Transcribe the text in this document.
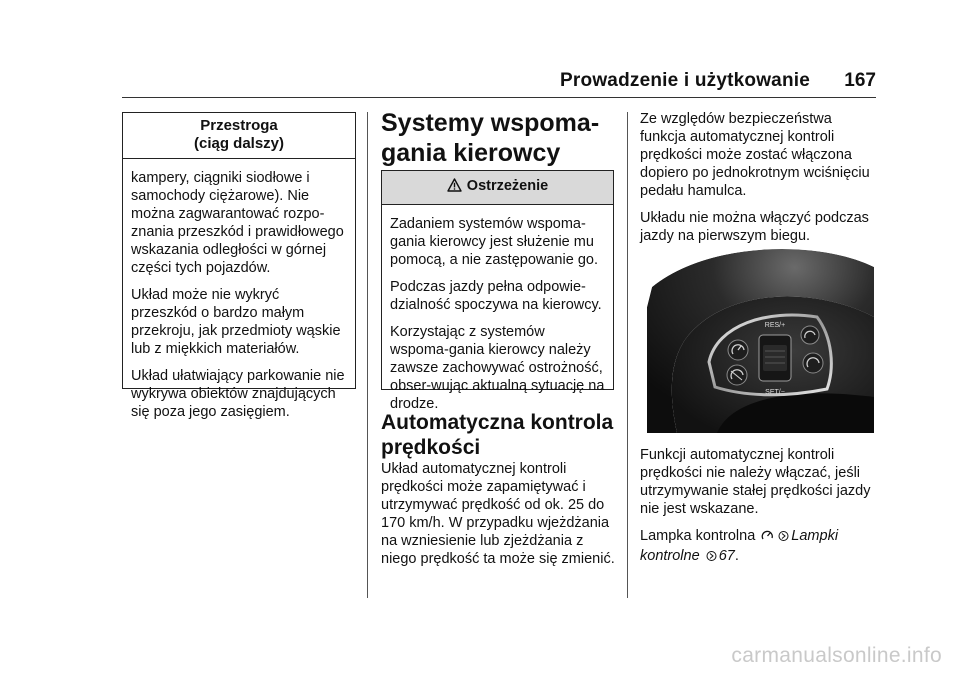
Prowadzenie i użytkowanie 167
Przestroga
(ciąg dalszy)

kampery, ciągniki siodłowe i samochody ciężarowe). Nie można zagwarantować rozpo-znania przeszkód i prawidłowego wskazania odległości w górnej części tych pojazdów.

Układ może nie wykryć przeszkód o bardzo małym przekroju, jak przedmioty wąskie lub z miękkich materiałów.

Układ ułatwiający parkowanie nie wykrywa obiektów znajdujących się poza jego zasięgiem.

Systemy wspoma-
gania kierowcy
Ostrzeżenie

Zadaniem systemów wspoma-gania kierowcy jest służenie mu pomocą, a nie zastępowanie go.

Podczas jazdy pełna odpowie-dzialność spoczywa na kierowcy.

Korzystając z systemów wspoma-gania kierowcy należy zawsze zachowywać ostrożność, obser-wując aktualną sytuację na drodze.

Automatyczna kontrola
prędkości

Układ automatycznej kontroli prędkości może zapamiętywać i utrzymywać prędkość od ok. 25 do 170 km/h. W przypadku wjeżdżania na wzniesienie lub zjeżdżania z niego prędkość ta może się zmienić.

Ze względów bezpieczeństwa funkcja automatycznej kontroli prędkości może zostać włączona dopiero po jednokrotnym wciśnięciu pedału hamulca.

Układu nie można włączyć podczas jazdy na pierwszym biegu.

RES/+
SET/−

Funkcji automatycznej kontroli prędkości nie należy włączać, jeśli utrzymywanie stałej prędkości jazdy nie jest wskazane.

Lampka kontrolna Lampki
kontrolne 67.
carmanualsonline.info
